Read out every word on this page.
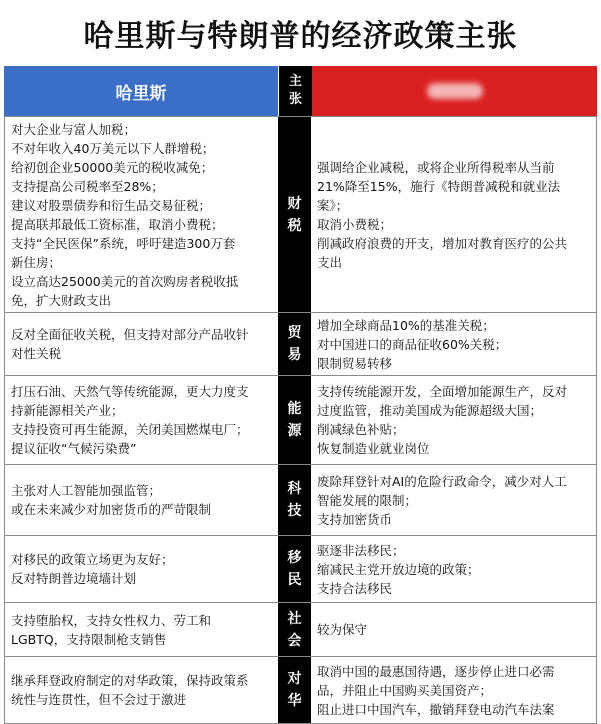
哈里斯与特朗普的经济政策主张
哈里斯
主
张
对大企业与富人加税；
不对年收入40万美元以下人群增税；
给初创企业50000美元的税收减免；
支持提高公司税率至28%；
建议对股票债券和衍生品交易征税；
提高联邦最低工资标准，取消小费税；
支持“全民医保”系统，呼吁建造300万套
新住房；
设立高达25000美元的首次购房者税收抵
免，扩大财政支出
财
税
强调给企业减税，或将企业所得税率从当前
21%降至15%，施行《特朗普减税和就业法
案》；
取消小费税；
削减政府浪费的开支，增加对教育医疗的公共
支出
反对全面征收关税，但支持对部分产品收针
对性关税
贸
易
增加全球商品10%的基准关税；
对中国进口的商品征收60%关税；
限制贸易转移
打压石油、天然气等传统能源，更大力度支
持新能源相关产业；
支持投资可再生能源，关闭美国燃煤电厂；
提议征收“气候污染费”
能
源
支持传统能源开发，全面增加能源生产，反对
过度监管，推动美国成为能源超级大国；
削减绿色补贴；
恢复制造业就业岗位
主张对人工智能加强监管；
或在未来减少对加密货币的严苛限制
科
技
废除拜登针对AI的危险行政命令，减少对人工
智能发展的限制；
支持加密货币
对移民的政策立场更为友好；
反对特朗普边境墙计划
移
民
驱逐非法移民；
缩减民主党开放边境的政策；
支持合法移民
支持堕胎权，支持女性权力、劳工和
LGBTQ，支持限制枪支销售
社
会
较为保守
继承拜登政府制定的对华政策，保持政策系
统性与连贯性，但不会过于激进
对
华
取消中国的最惠国待遇，逐步停止进口必需
品，并阻止中国购买美国资产；
阻止进口中国汽车，撤销拜登电动汽车法案
